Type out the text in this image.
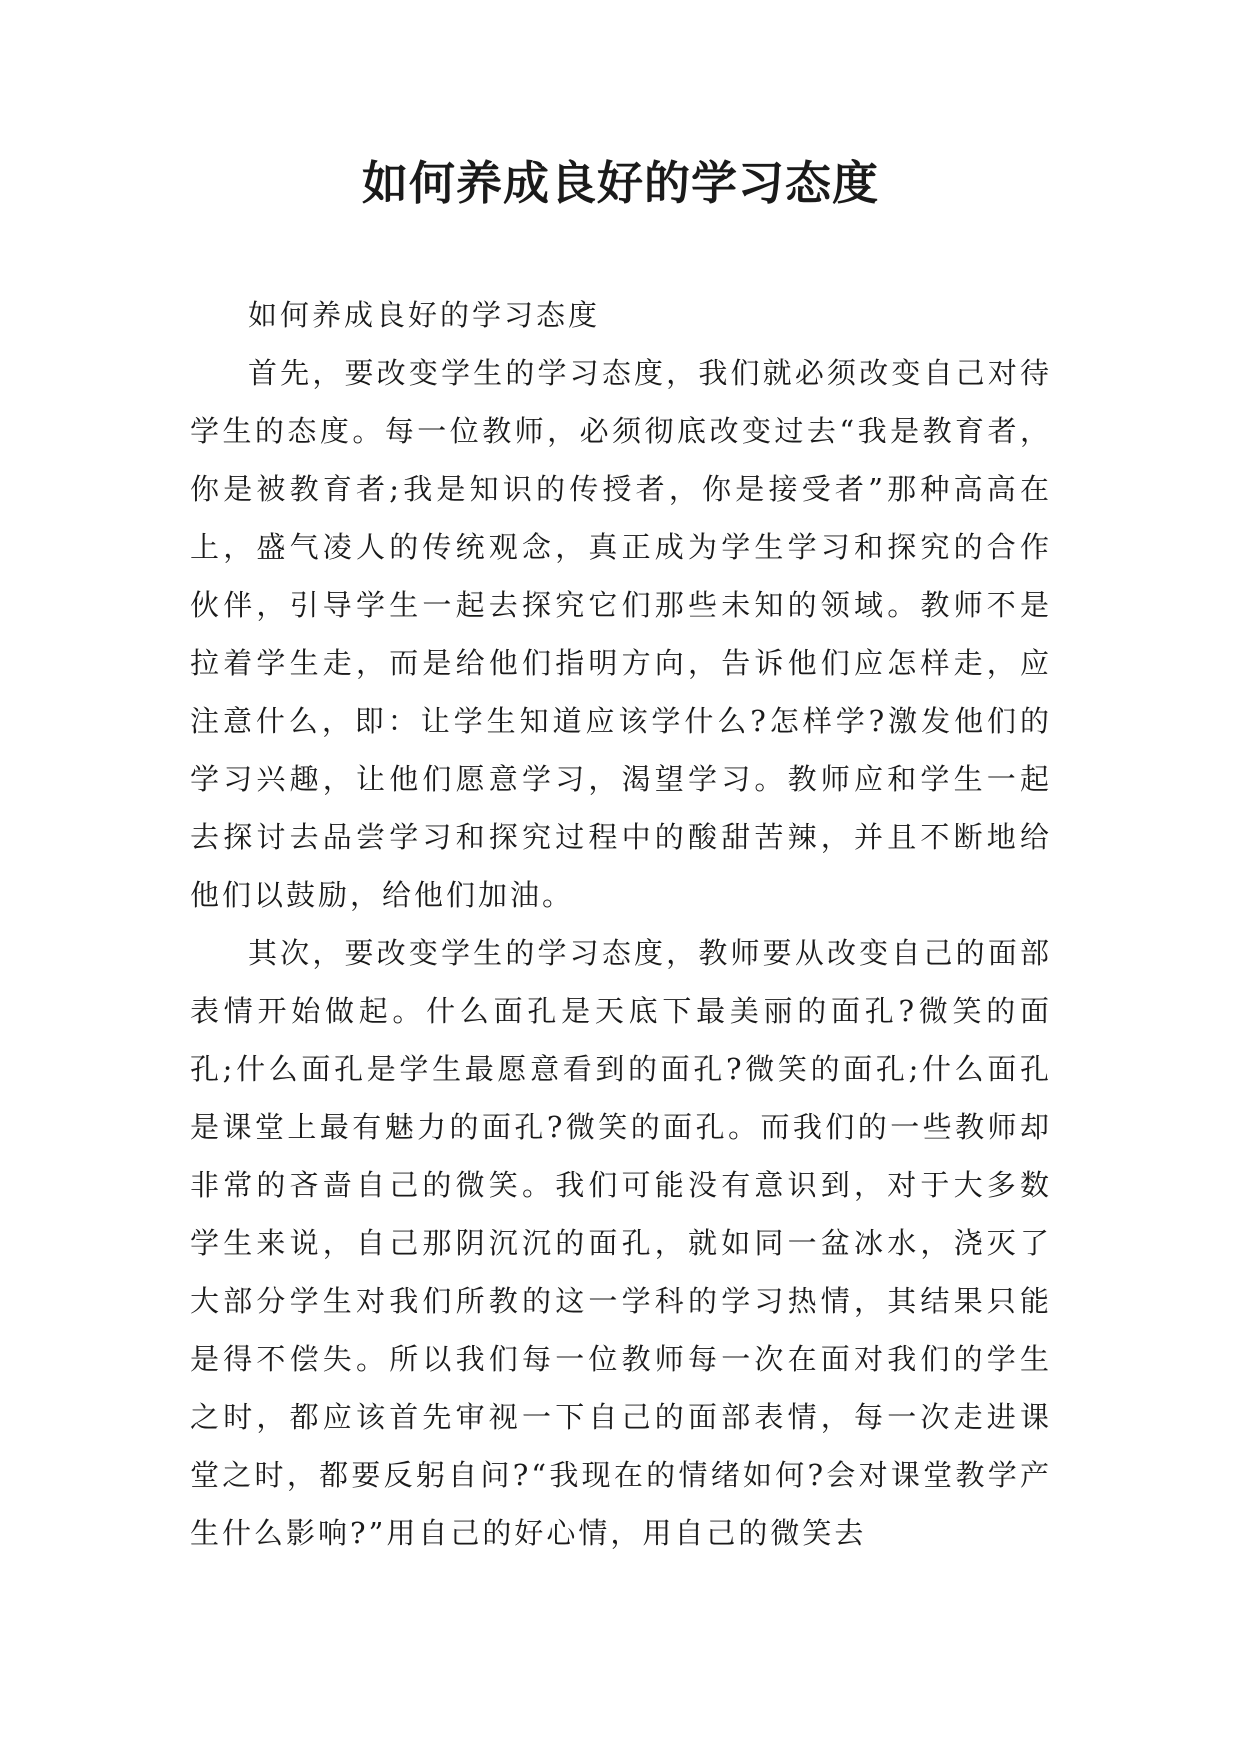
如何养成良好的学习态度

如何养成良好的学习态度

首先，要改变学生的学习态度，我们就必须改变自己对待学生的态度。每一位教师，必须彻底改变过去“我是教育者，你是被教育者;我是知识的传授者，你是接受者”那种高高在上，盛气凌人的传统观念，真正成为学生学习和探究的合作伙伴，引导学生一起去探究它们那些未知的领域。教师不是拉着学生走，而是给他们指明方向，告诉他们应怎样走，应注意什么，即：让学生知道应该学什么?怎样学?激发他们的学习兴趣，让他们愿意学习，渴望学习。教师应和学生一起去探讨去品尝学习和探究过程中的酸甜苦辣，并且不断地给他们以鼓励，给他们加油。

其次，要改变学生的学习态度，教师要从改变自己的面部表情开始做起。什么面孔是天底下最美丽的面孔?微笑的面孔;什么面孔是学生最愿意看到的面孔?微笑的面孔;什么面孔是课堂上最有魅力的面孔?微笑的面孔。而我们的一些教师却非常的吝啬自己的微笑。我们可能没有意识到，对于大多数学生来说，自己那阴沉沉的面孔，就如同一盆冰水，浇灭了大部分学生对我们所教的这一学科的学习热情，其结果只能是得不偿失。所以我们每一位教师每一次在面对我们的学生之时，都应该首先审视一下自己的面部表情，每一次走进课堂之时，都要反躬自问?“我现在的情绪如何?会对课堂教学产生什么影响?”用自己的好心情，用自己的微笑去
